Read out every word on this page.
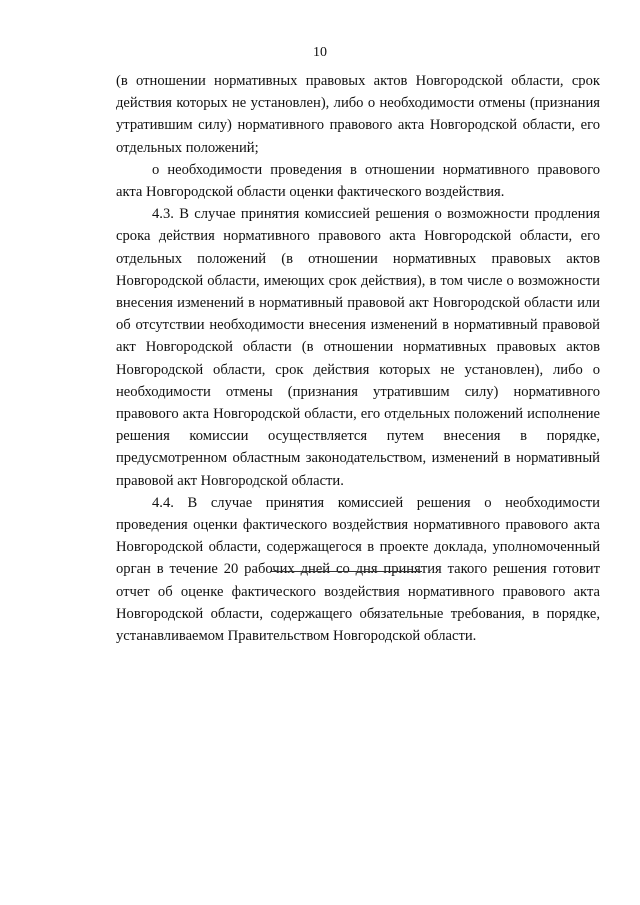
10

(в отношении нормативных правовых актов Новгородской области, срок действия которых не установлен), либо о необходимости отмены (признания утратившим силу) нормативного правового акта Новгородской области, его отдельных положений;

о необходимости проведения в отношении нормативного правового акта Новгородской области оценки фактического воздействия.

4.3. В случае принятия комиссией решения о возможности продления срока действия нормативного правового акта Новгородской области, его отдельных положений (в отношении нормативных правовых актов Новгородской области, имеющих срок действия), в том числе о возможности внесения изменений в нормативный правовой акт Новгородской области или об отсутствии необходимости внесения изменений в нормативный правовой акт Новгородской области (в отношении нормативных правовых актов Новгородской области, срок действия которых не установлен), либо о необходимости отмены (признания утратившим силу) нормативного правового акта Новгородской области, его отдельных положений исполнение решения комиссии осуществляется путем внесения в порядке, предусмотренном областным законодательством, изменений в нормативный правовой акт Новгородской области.

4.4. В случае принятия комиссией решения о необходимости проведения оценки фактического воздействия нормативного правового акта Новгородской области, содержащегося в проекте доклада, уполномоченный орган в течение 20 рабочих дней со дня принятия такого решения готовит отчет об оценке фактического воздействия нормативного правового акта Новгородской области, содержащего обязательные требования, в порядке, устанавливаемом Правительством Новгородской области.
